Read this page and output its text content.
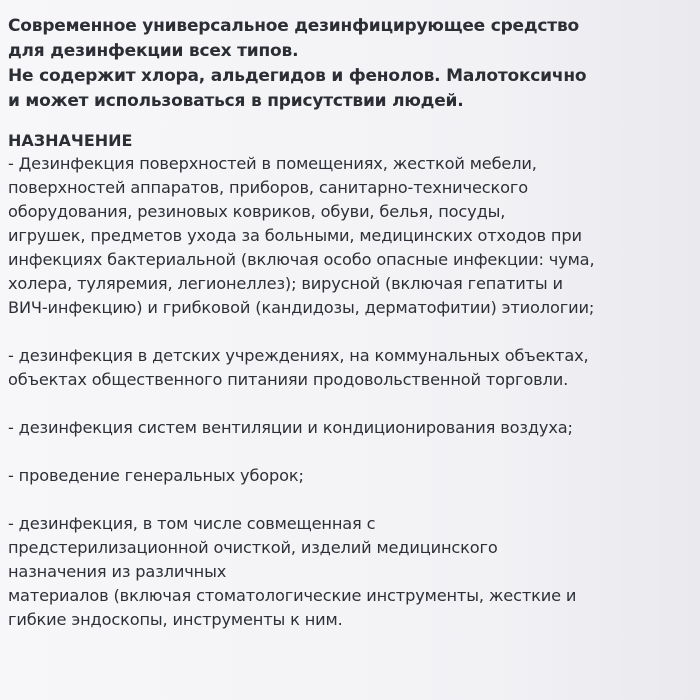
Современное универсальное дезинфицирующее средство

для дезинфекции всех типов.

Не содержит хлора, альдегидов и фенолов. Малотоксично

и может использоваться в присутствии людей.

НАЗНАЧЕНИЕ

- Дезинфекция поверхностей в помещениях, жесткой мебели,

поверхностей аппаратов, приборов, санитарно-технического

оборудования, резиновых ковриков, обуви, белья, посуды,

игрушек, предметов ухода за больными, медицинских отходов при

инфекциях бактериальной (включая особо опасные инфекции: чума,

холера, туляремия, легионеллез); вирусной (включая гепатиты и

ВИЧ-инфекцию) и грибковой (кандидозы, дерматофитии) этиологии;

- дезинфекция в детских учреждениях, на коммунальных объектах,

объектах общественного питанияи продовольственной торговли.

- дезинфекция систем вентиляции и кондиционирования воздуха;

- проведение генеральных уборок;

- дезинфекция, в том числе совмещенная с

предстерилизационной очисткой, изделий медицинского

назначения из различных

материалов (включая стоматологические инструменты, жесткие и

гибкие эндоскопы, инструменты к ним.
